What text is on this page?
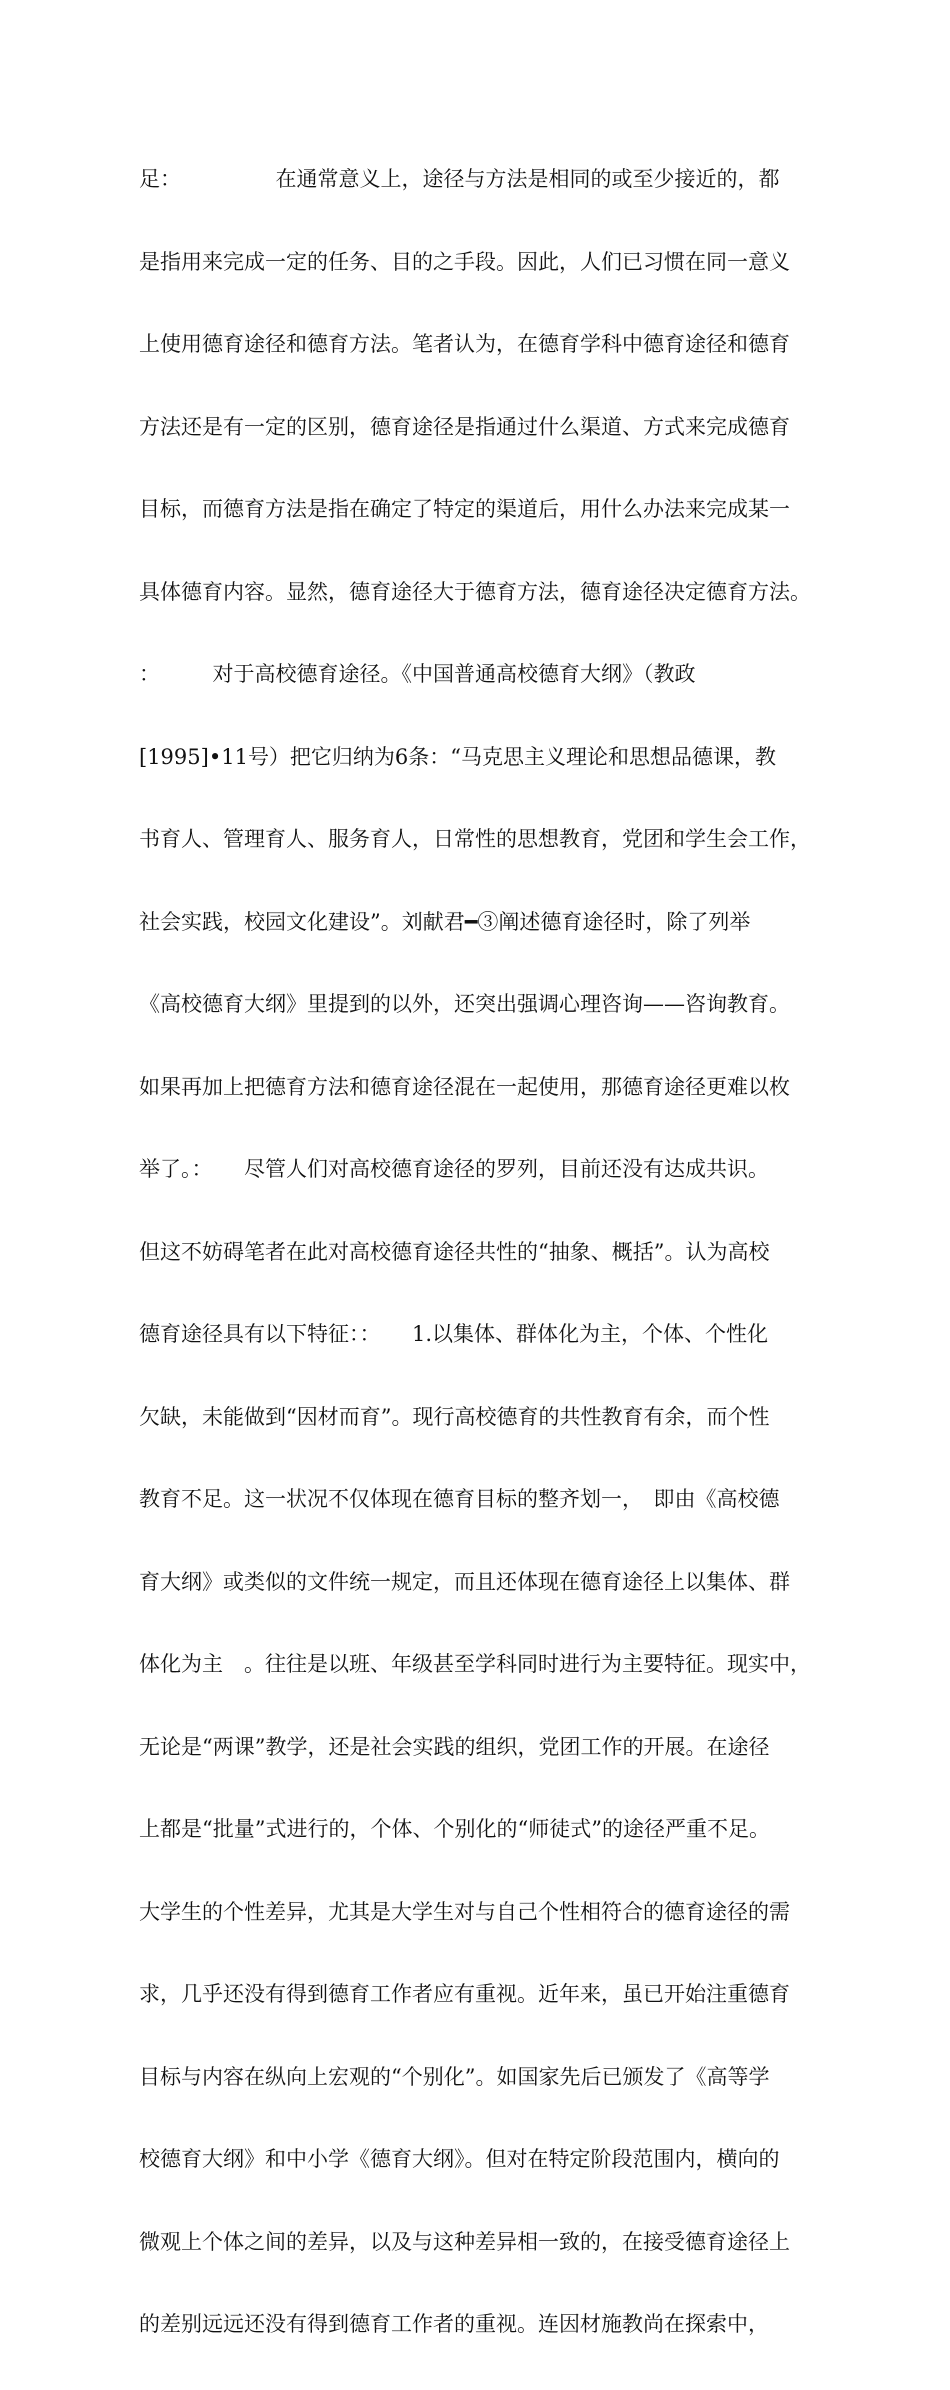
足：　　　　　在通常意义上，途径与方法是相同的或至少接近的，都

是指用来完成一定的任务、目的之手段。因此，人们已习惯在同一意义

上使用德育途径和德育方法。笔者认为，在德育学科中德育途径和德育

方法还是有一定的区别，德育途径是指通过什么渠道、方式来完成德育

目标，而德育方法是指在确定了特定的渠道后，用什么办法来完成某一

具体德育内容。显然，德育途径大于德育方法，德育途径决定德育方法。

：　　　对于高校德育途径。《中国普通高校德育大纲》（教政

[1995]•11号）把它归纳为6条：“马克思主义理论和思想品德课，教

书育人、管理育人、服务育人，日常性的思想教育，党团和学生会工作，

社会实践，校园文化建设”。刘献君━③阐述德育途径时，除了列举

《高校德育大纲》里提到的以外，还突出强调心理咨询——咨询教育。

如果再加上把德育方法和德育途径混在一起使用，那德育途径更难以枚

举了。：　　尽管人们对高校德育途径的罗列，目前还没有达成共识。

但这不妨碍笔者在此对高校德育途径共性的“抽象、概括”。认为高校

德育途径具有以下特征：：　　1.以集体、群体化为主，个体、个性化

欠缺，未能做到“因材而育”。现行高校德育的共性教育有余，而个性

教育不足。这一状况不仅体现在德育目标的整齐划一，　即由《高校德

育大纲》或类似的文件统一规定，而且还体现在德育途径上以集体、群

体化为主　。往往是以班、年级甚至学科同时进行为主要特征。现实中，

无论是“两课”教学，还是社会实践的组织，党团工作的开展。在途径

上都是“批量”式进行的，个体、个别化的“师徒式”的途径严重不足。

大学生的个性差异，尤其是大学生对与自己个性相符合的德育途径的需

求，几乎还没有得到德育工作者应有重视。近年来，虽已开始注重德育

目标与内容在纵向上宏观的“个别化”。如国家先后已颁发了《高等学

校德育大纲》和中小学《德育大纲》。但对在特定阶段范围内，横向的

微观上个体之间的差异，以及与这种差异相一致的，在接受德育途径上

的差别远远还没有得到德育工作者的重视。连因材施教尚在探索中，
